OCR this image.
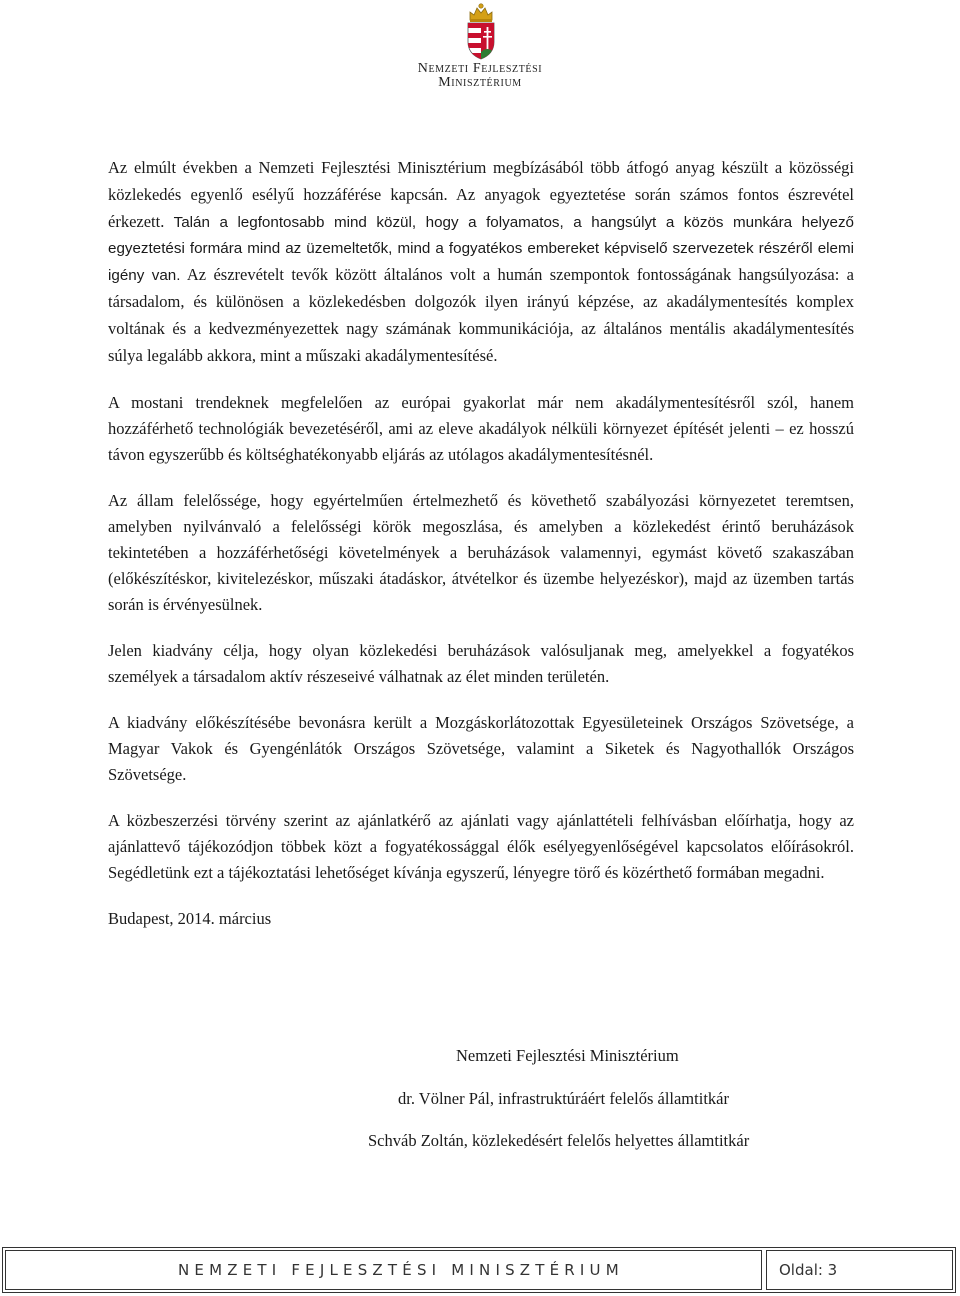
Nemzeti Fejlesztési
Minisztérium

Az elmúlt években a Nemzeti Fejlesztési Minisztérium megbízásából több átfogó anyag készült a közösségi közlekedés egyenlő esélyű hozzáférése kapcsán. Az anyagok egyeztetése során számos fontos észrevétel érkezett. Talán a legfontosabb mind közül, hogy a folyamatos, a hangsúlyt a közös munkára helyező egyeztetési formára mind az üzemeltetők, mind a fogyatékos embereket képviselő szervezetek részéről elemi igény van. Az észrevételt tevők között általános volt a humán szempontok fontosságának hangsúlyozása: a társadalom, és különösen a közlekedésben dolgozók ilyen irányú képzése, az akadálymentesítés komplex voltának és a kedvezményezettek nagy számának kommunikációja, az általános mentális akadálymentesítés súlya legalább akkora, mint a műszaki akadálymentesítésé.

A mostani trendeknek megfelelően az európai gyakorlat már nem akadálymentesítésről szól, hanem hozzáférhető technológiák bevezetéséről, ami az eleve akadályok nélküli környezet építését jelenti – ez hosszú távon egyszerűbb és költséghatékonyabb eljárás az utólagos akadálymentesítésnél.

Az állam felelőssége, hogy egyértelműen értelmezhető és követhető szabályozási környezetet teremtsen, amelyben nyilvánvaló a felelősségi körök megoszlása, és amelyben a közlekedést érintő beruházások tekintetében a hozzáférhetőségi követelmények a beruházások valamennyi, egymást követő szakaszában (előkészítéskor, kivitelezéskor, műszaki átadáskor, átvételkor és üzembe helyezéskor), majd az üzemben tartás során is érvényesülnek.

Jelen kiadvány célja, hogy olyan közlekedési beruházások valósuljanak meg, amelyekkel a fogyatékos személyek a társadalom aktív részeseivé válhatnak az élet minden területén.

A kiadvány előkészítésébe bevonásra került a Mozgáskorlátozottak Egyesületeinek Országos Szövetsége, a Magyar Vakok és Gyengénlátók Országos Szövetsége, valamint a Siketek és Nagyothallók Országos Szövetsége.

A közbeszerzési törvény szerint az ajánlatkérő az ajánlati vagy ajánlattételi felhívásban előírhatja, hogy az ajánlattevő tájékozódjon többek közt a fogyatékossággal élők esélyegyenlőségével kapcsolatos előírásokról. Segédletünk ezt a tájékoztatási lehetőséget kívánja egyszerű, lényegre törő és közérthető formában megadni.

Budapest, 2014. március
Nemzeti Fejlesztési Minisztérium
dr. Völner Pál, infrastruktúráért felelős államtitkár
Schváb Zoltán, közlekedésért felelős helyettes államtitkár
NEMZETI FEJLESZTÉSI MINISZTÉRIUM	Oldal: 3
